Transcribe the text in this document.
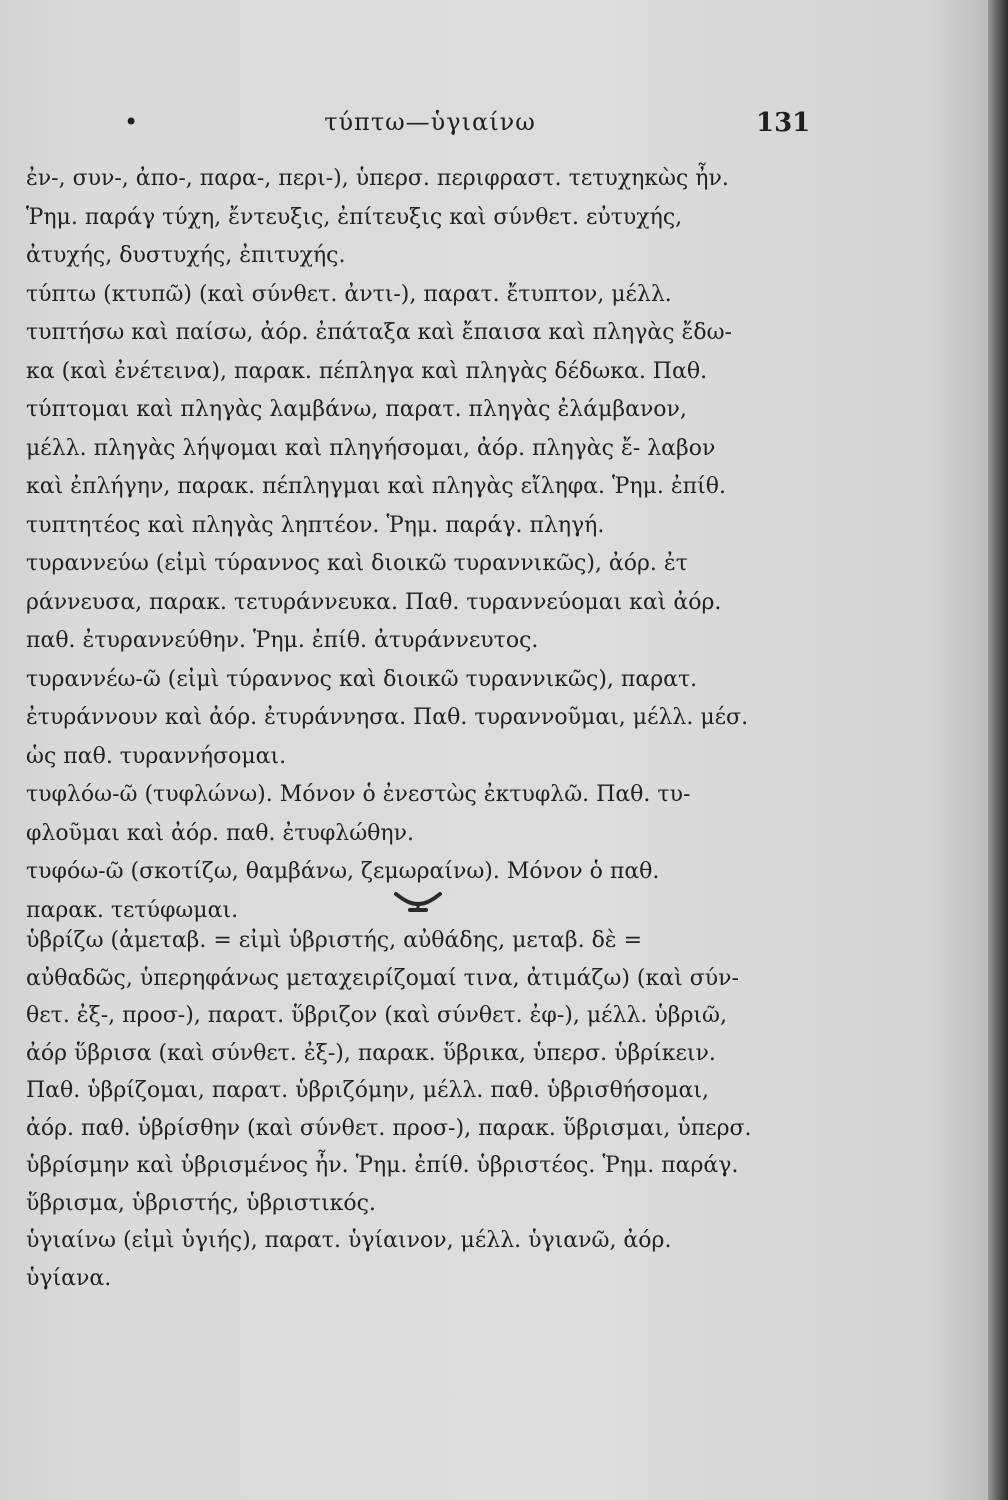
•	τύπτω—ὑγιαίνω	131
ἐν-, συν-, ἀπο-, παρα-, περι-), ὑπερσ. περιφραστ. τετυχηκὼς ἦν.
Ῥημ. παράγ τύχη, ἔντευξις, ἐπίτευξις καὶ σύνθετ. εὐτυχής,
ἀτυχής, δυστυχής, ἐπιτυχής.
τύπτω (κτυπῶ) (καὶ σύνθετ. ἀντι-), παρατ. ἔτυπτον, μέλλ.
τυπτήσω καὶ παίσω, ἀόρ. ἐπάταξα καὶ ἔπαισα καὶ πληγὰς ἔδω-
κα (καὶ ἐνέτεινα), παρακ. πέπληγα καὶ πληγὰς δέδωκα. Παθ.
τύπτομαι καὶ πληγὰς λαμβάνω, παρατ. πληγὰς ἐλάμβανον,
μέλλ. πληγὰς λήψομαι καὶ πληγήσομαι, ἀόρ. πληγὰς ἔ- λαβον
καὶ ἐπλήγην, παρακ. πέπληγμαι καὶ πληγὰς εἴληφα. Ῥημ. ἐπίθ.
τυπτητέος καὶ πληγὰς ληπτέον. Ῥημ. παράγ. πληγή.
τυραννεύω (εἰμὶ τύραννος καὶ διοικῶ τυραννικῶς), ἀόρ. ἐτ
ράννευσα, παρακ. τετυράννευκα. Παθ. τυραννεύομαι καὶ ἀόρ.
παθ. ἐτυραννεύθην. Ῥημ. ἐπίθ. ἀτυράννευτος.
τυραννέω-ῶ (εἰμὶ τύραννος καὶ διοικῶ τυραννικῶς), παρατ.
ἐτυράννουν καὶ ἀόρ. ἐτυράννησα. Παθ. τυραννοῦμαι, μέλλ. μέσ.
ὡς παθ. τυραννήσομαι.
τυφλόω-ῶ (τυφλώνω). Μόνον ὁ ἐνεστὼς ἐκτυφλῶ. Παθ. τυ-
φλοῦμαι καὶ ἀόρ. παθ. ἐτυφλώθην.
τυφόω-ῶ (σκοτίζω, θαμβάνω, ζεμωραίνω). Μόνον ὁ παθ.
παρακ. τετύφωμαι.
ὑβρίζω (ἀμεταβ. = εἰμὶ ὑβριστής, αὐθάδης, μεταβ. δὲ =
αὐθαδῶς, ὑπερηφάνως μεταχειρίζομαί τινα, ἀτιμάζω) (καὶ σύν-
θετ. ἐξ-, προσ-), παρατ. ὕβριζον (καὶ σύνθετ. ἐφ-), μέλλ. ὑβριῶ,
ἀόρ ὕβρισα (καὶ σύνθετ. ἐξ-), παρακ. ὕβρικα, ὑπερσ. ὑβρίκειν.
Παθ. ὑβρίζομαι, παρατ. ὑβριζόμην, μέλλ. παθ. ὑβρισθήσομαι,
ἀόρ. παθ. ὑβρίσθην (καὶ σύνθετ. προσ-), παρακ. ὕβρισμαι, ὑπερσ.
ὑβρίσμην καὶ ὑβρισμένος ἦν. Ῥημ. ἐπίθ. ὑβριστέος. Ῥημ. παράγ.
ὕβρισμα, ὑβριστής, ὑβριστικός.
ὑγιαίνω (εἰμὶ ὑγιής), παρατ. ὑγίαινον, μέλλ. ὑγιανῶ, ἀόρ.
ὑγίανα.
